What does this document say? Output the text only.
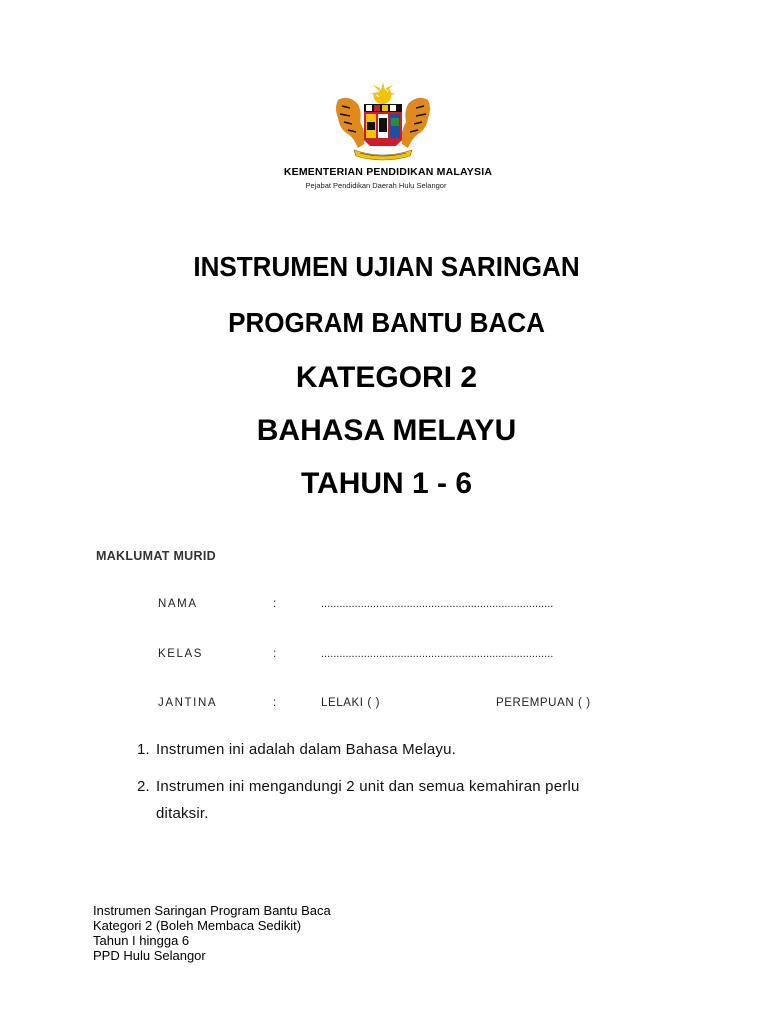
KEMENTERIAN PENDIDIKAN MALAYSIA
Pejabat Pendidikan Daerah Hulu Selangor
INSTRUMEN UJIAN SARINGAN
PROGRAM BANTU BACA
KATEGORI 2
BAHASA MELAYU
TAHUN 1 - 6
MAKLUMAT MURID
NAMA	:	............................................................................
KELAS	:	............................................................................
JANTINA	:	LELAKI ( )	PEREMPUAN ( )
1. Instrumen ini adalah dalam Bahasa Melayu.
2. Instrumen ini mengandungi 2 unit dan semua kemahiran perlu
ditaksir.
Instrumen Saringan Program Bantu Baca
Kategori 2 (Boleh Membaca Sedikit)
Tahun I hingga 6
PPD Hulu Selangor
